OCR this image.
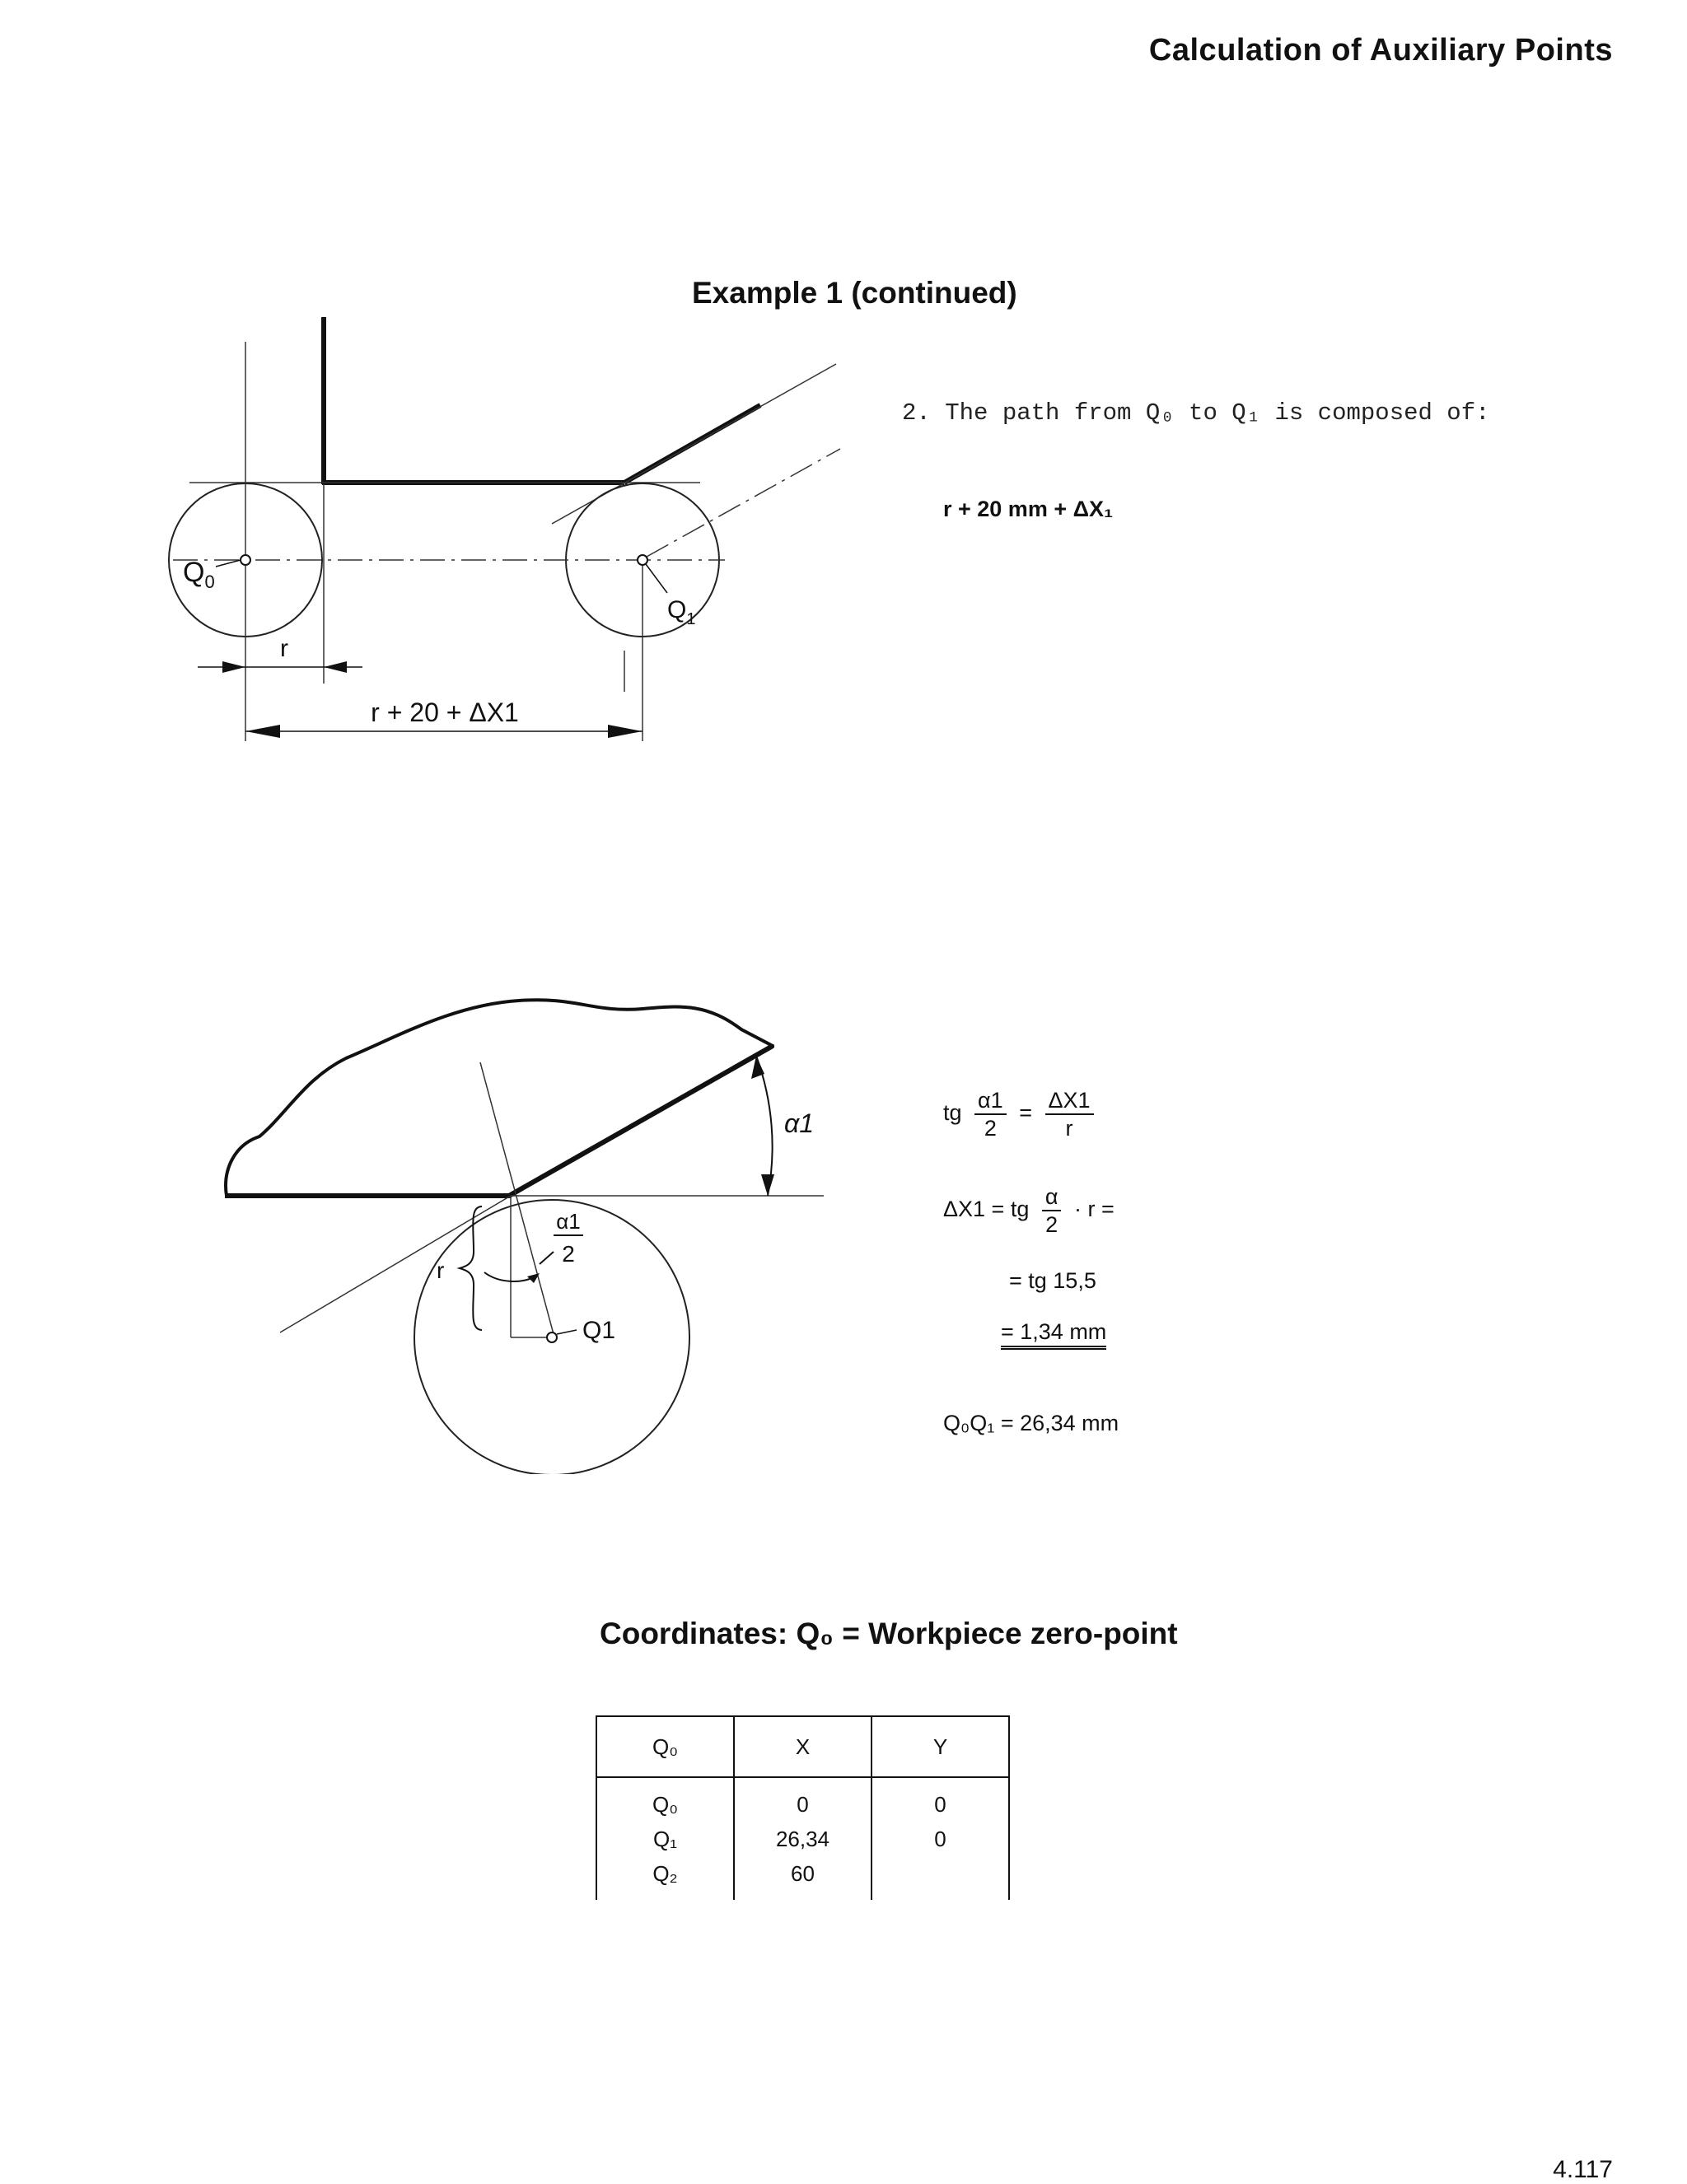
Calculation of Auxiliary Points
Example 1 (continued)
$Q_0$
$Q_1$
r
r + 20 + ΔX1
2. The path from Q₀ to Q₁ is composed of:
r + 20 mm + ΔX₁
Q1
r
α1
2
α1	tg $\frac{\alpha 1}{2} = \frac{\Delta X1}{r}$
ΔX1 = tg $\frac{\alpha}{2} \cdot r$ =
= tg 15,5
= 1,34 mm
Q₀Q₁ = 26,34 mm
Coordinates: Q₀ = Workpiece zero-point
Q₀	X	Y
Q₀	0	0
Q₁	26,34	0
Q₂	60	
4.117
